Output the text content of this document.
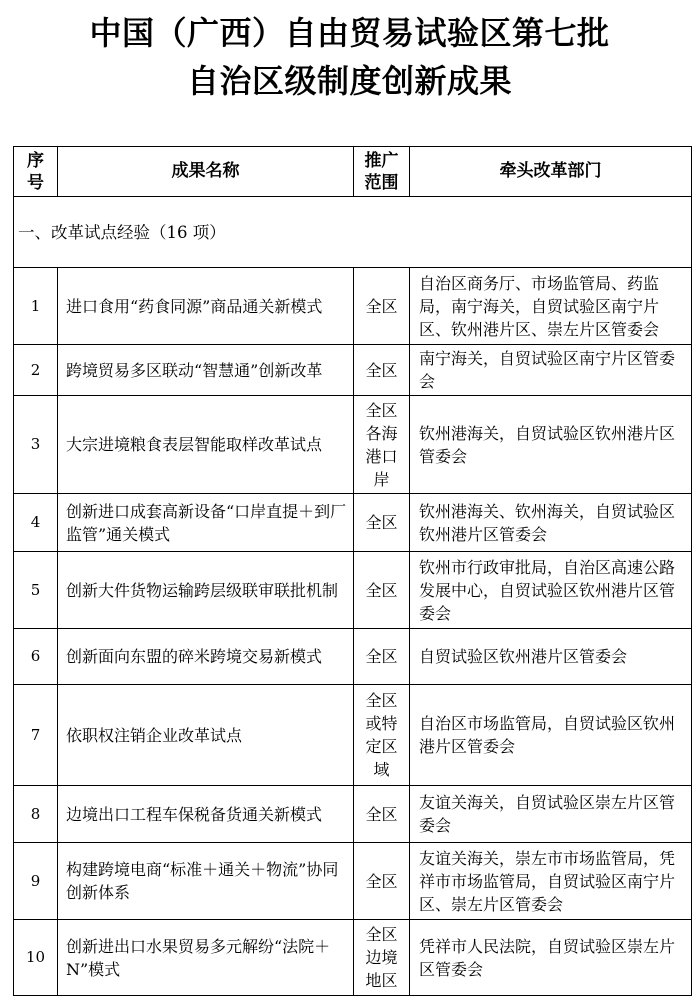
中国（广西）自由贸易试验区第七批
自治区级制度创新成果
序号	成果名称	推广范围	牵头改革部门
一、改革试点经验（16 项）			
1	进口食用“药食同源”商品通关新模式	全区	自治区商务厅、市场监管局、药监局，南宁海关，自贸试验区南宁片区、钦州港片区、崇左片区管委会
2	跨境贸易多区联动“智慧通”创新改革	全区	南宁海关，自贸试验区南宁片区管委会
3	大宗进境粮食表层智能取样改革试点	全区各海港口岸	钦州港海关，自贸试验区钦州港片区管委会
4	创新进口成套高新设备“口岸直提＋到厂监管”通关模式	全区	钦州港海关、钦州海关，自贸试验区钦州港片区管委会
5	创新大件货物运输跨层级联审联批机制	全区	钦州市行政审批局，自治区高速公路发展中心，自贸试验区钦州港片区管委会
6	创新面向东盟的碎米跨境交易新模式	全区	自贸试验区钦州港片区管委会
7	依职权注销企业改革试点	全区或特定区域	自治区市场监管局，自贸试验区钦州港片区管委会
8	边境出口工程车保税备货通关新模式	全区	友谊关海关，自贸试验区崇左片区管委会
9	构建跨境电商“标准＋通关＋物流”协同创新体系	全区	友谊关海关，崇左市市场监管局，凭祥市市场监管局，自贸试验区南宁片区、崇左片区管委会
10	创新进出口水果贸易多元解纷“法院＋N”模式	全区边境地区	凭祥市人民法院，自贸试验区崇左片区管委会
